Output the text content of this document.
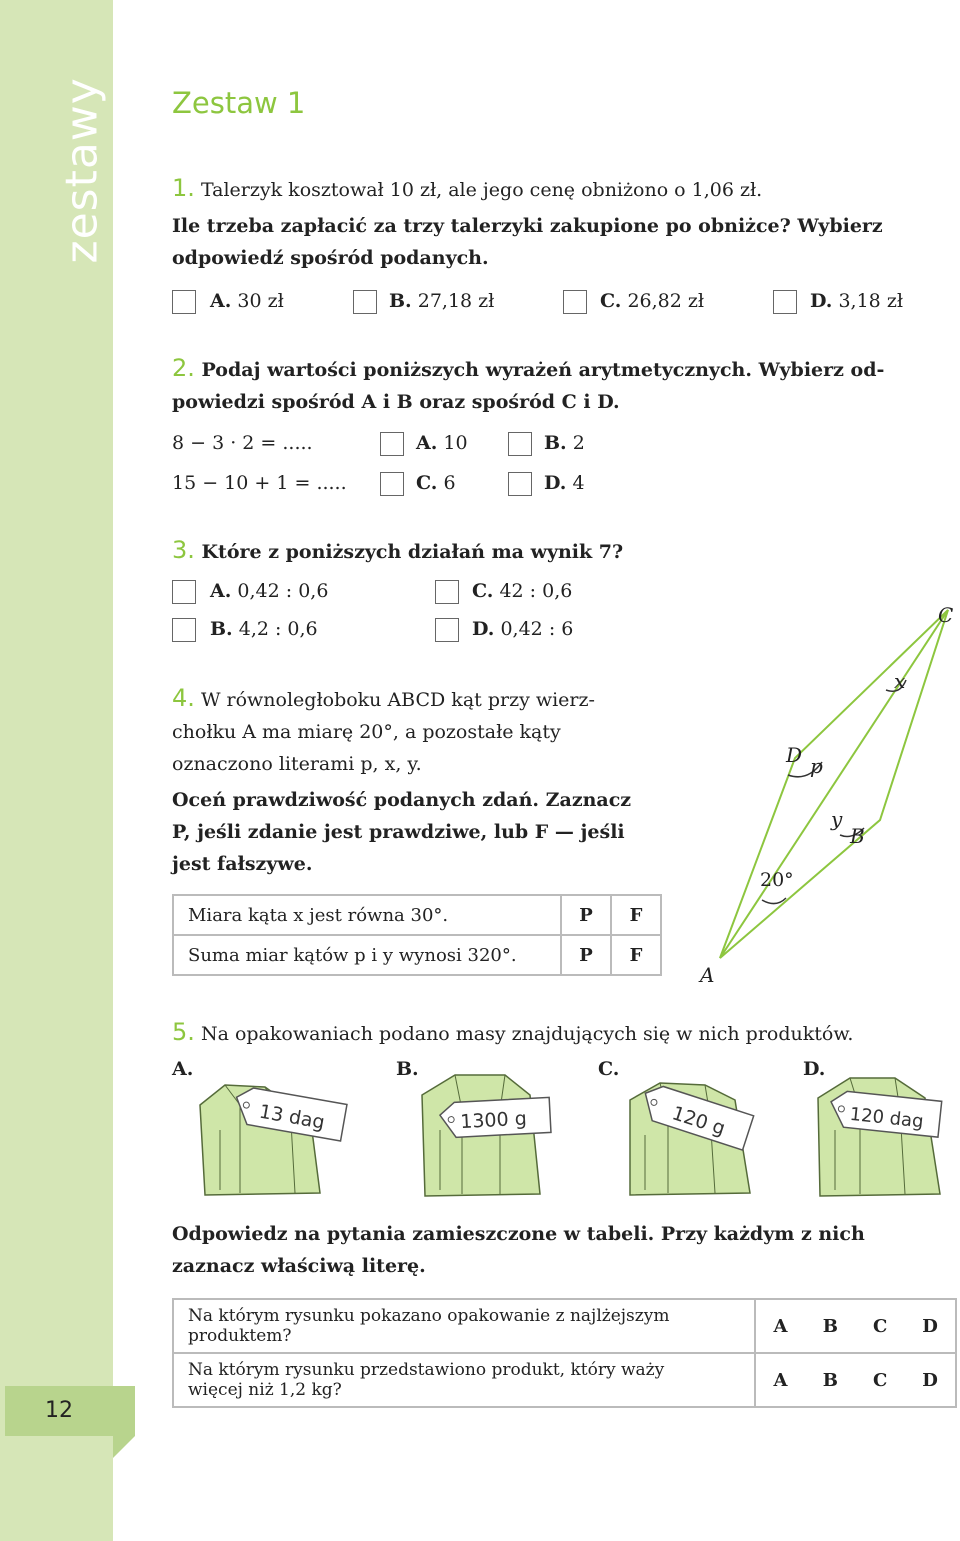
zestawy
12
Zestaw 1
1. Talerzyk kosztował 10 zł, ale jego cenę obniżono o 1,06 zł.
Ile trzeba zapłacić za trzy talerzyki zakupione po obniżce? Wybierz
odpowiedź spośród podanych.
A. 30 zł	B. 27,18 zł	C. 26,82 zł	D. 3,18 zł
2. Podaj wartości poniższych wyrażeń arytmetycznych. Wybierz od-
powiedzi spośród A i B oraz spośród C i D.
8 − 3 · 2 = .....
15 − 10 + 1 = .....
A. 10	B. 2
C. 6	D. 4
3. Które z poniższych działań ma wynik 7?
A. 0,42 : 0,6
B. 4,2 : 0,6
C. 42 : 0,6
D. 0,42 : 6
4. W równoległoboku ABCD kąt przy wierz-
chołku A ma miarę 20°, a pozostałe kąty
oznaczono literami p, x, y.
Oceń prawdziwość podanych zdań. Zaznacz
P, jeśli zdanie jest prawdziwe, lub F — jeśli
jest fałszywe.
Miara kąta x jest równa 30°.	P	F
Suma miar kątów p i y wynosi 320°.	P	F
A
B
C
D
x
y
p
20°
5. Na opakowaniach podano masy znajdujących się w nich produktów.
A.	B.	C.	D.
13 dag	1300 g	120 g	120 dag
Odpowiedz na pytania zamieszczone w tabeli. Przy każdym z nich
zaznacz właściwą literę.
Na którym rysunku pokazano opakowanie z najlżejszym
produktem?	A	B	C	D

Na którym rysunku przedstawiono produkt, który waży
więcej niż 1,2 kg?	A	B	C	D
